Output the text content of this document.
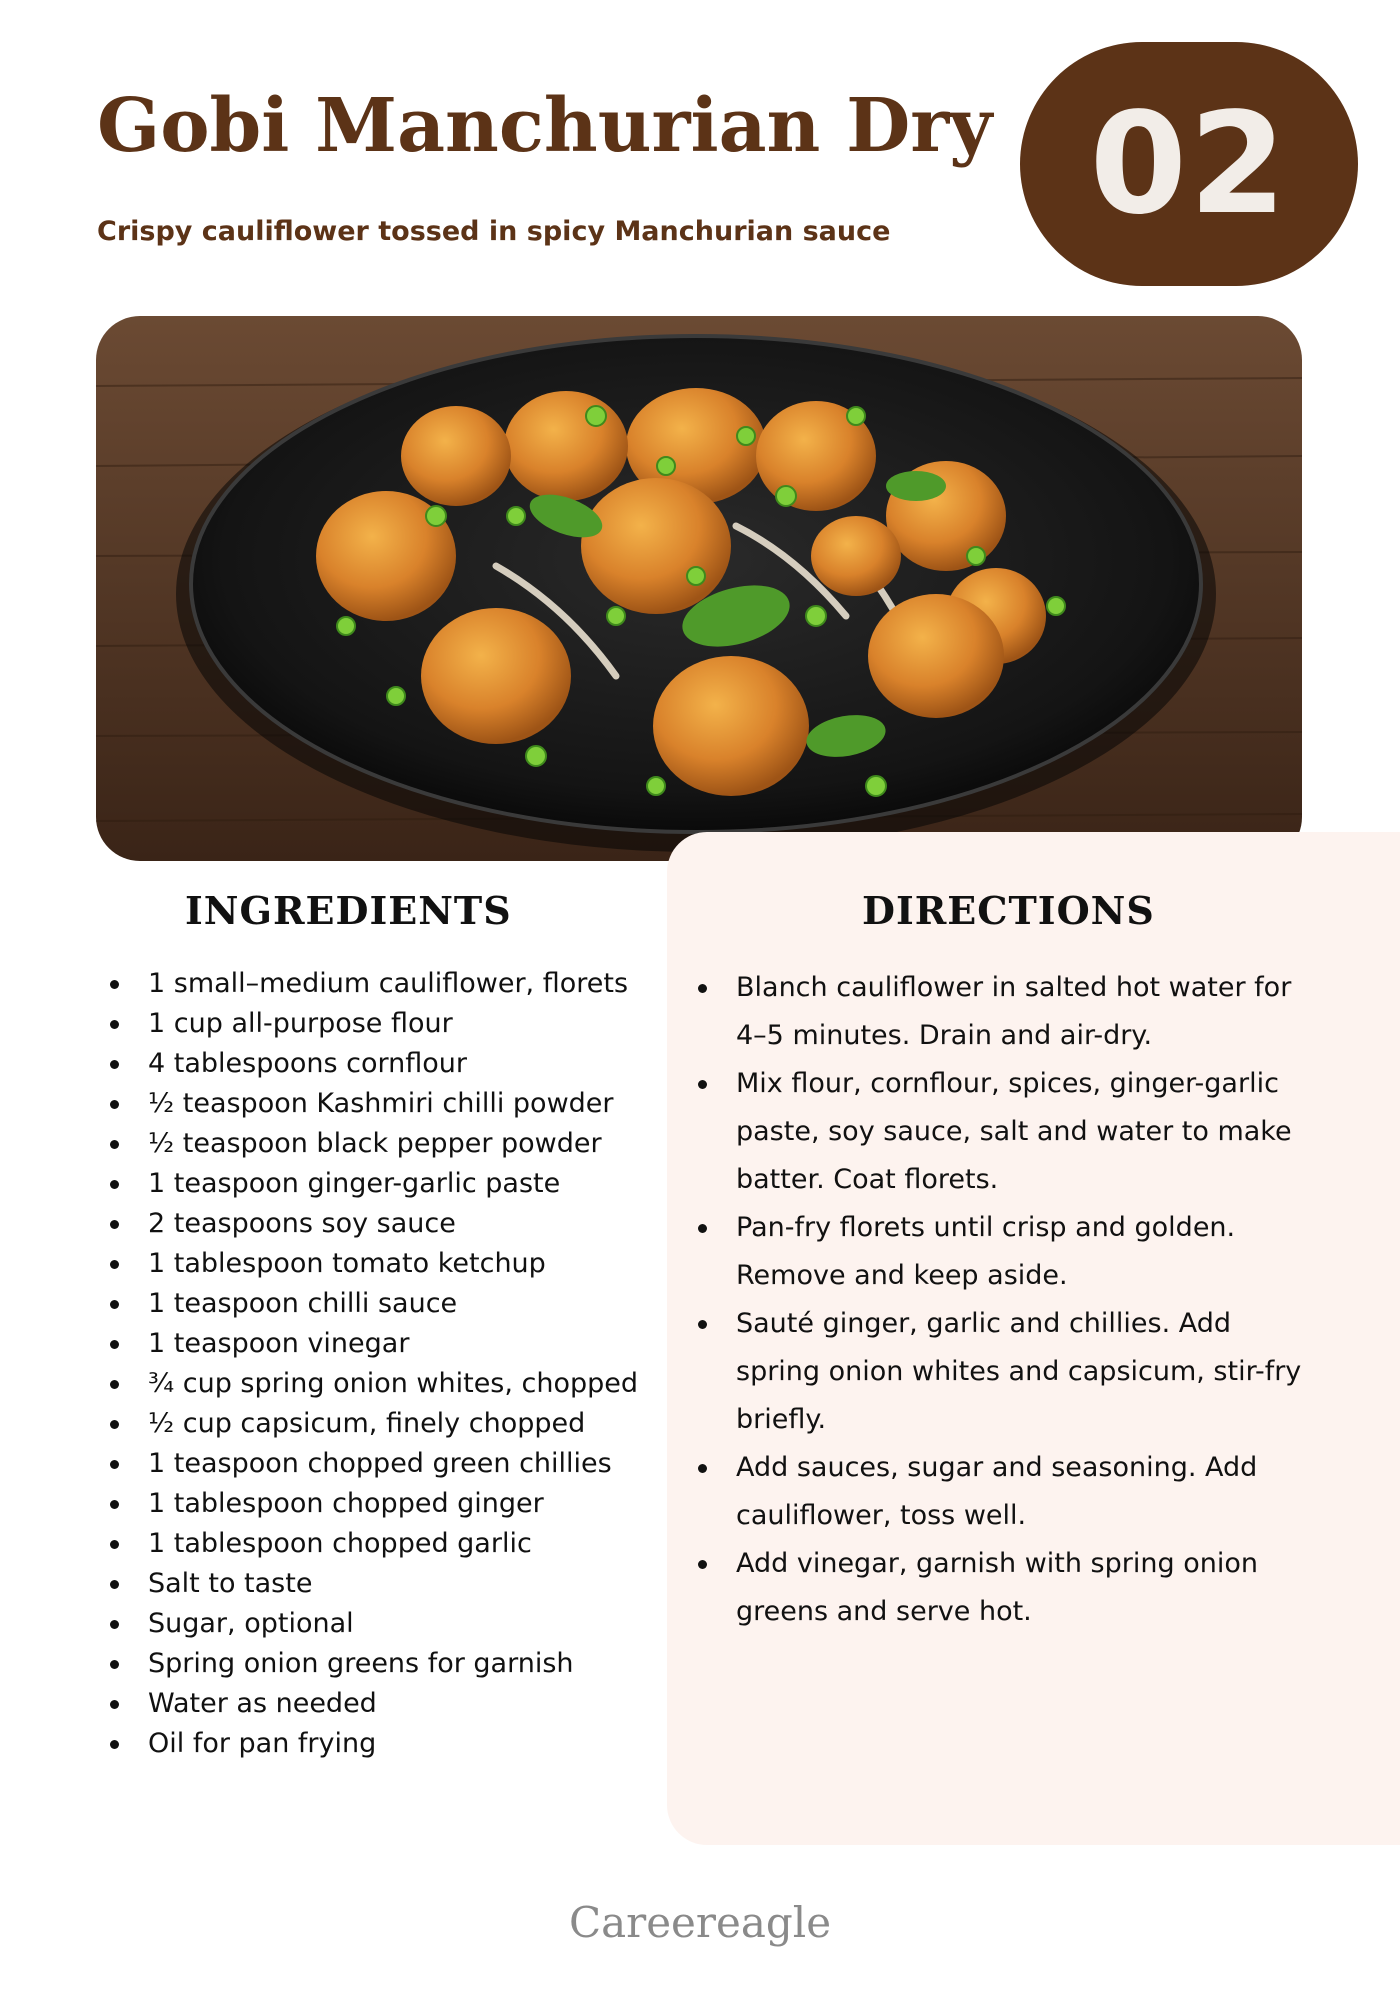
Gobi Manchurian Dry
Crispy cauliflower tossed in spicy Manchurian sauce 02
INGREDIENTS	DIRECTIONS
1 small–medium cauliflower, florets
1 cup all-purpose flour
4 tablespoons cornflour
½ teaspoon Kashmiri chilli powder
½ teaspoon black pepper powder
1 teaspoon ginger-garlic paste
2 teaspoons soy sauce
1 tablespoon tomato ketchup
1 teaspoon chilli sauce
1 teaspoon vinegar
¾ cup spring onion whites, chopped
½ cup capsicum, finely chopped
1 teaspoon chopped green chillies
1 tablespoon chopped ginger
1 tablespoon chopped garlic
Salt to taste
Sugar, optional
Spring onion greens for garnish
Water as needed
Oil for pan frying
Blanch cauliflower in salted hot water for 4–5 minutes. Drain and air-dry.
Mix flour, cornflour, spices, ginger-garlic paste, soy sauce, salt and water to make batter. Coat florets.
Pan-fry florets until crisp and golden. Remove and keep aside.
Sauté ginger, garlic and chillies. Add spring onion whites and capsicum, stir-fry briefly.
Add sauces, sugar and seasoning. Add cauliflower, toss well.
Add vinegar, garnish with spring onion greens and serve hot.
Careereagle
